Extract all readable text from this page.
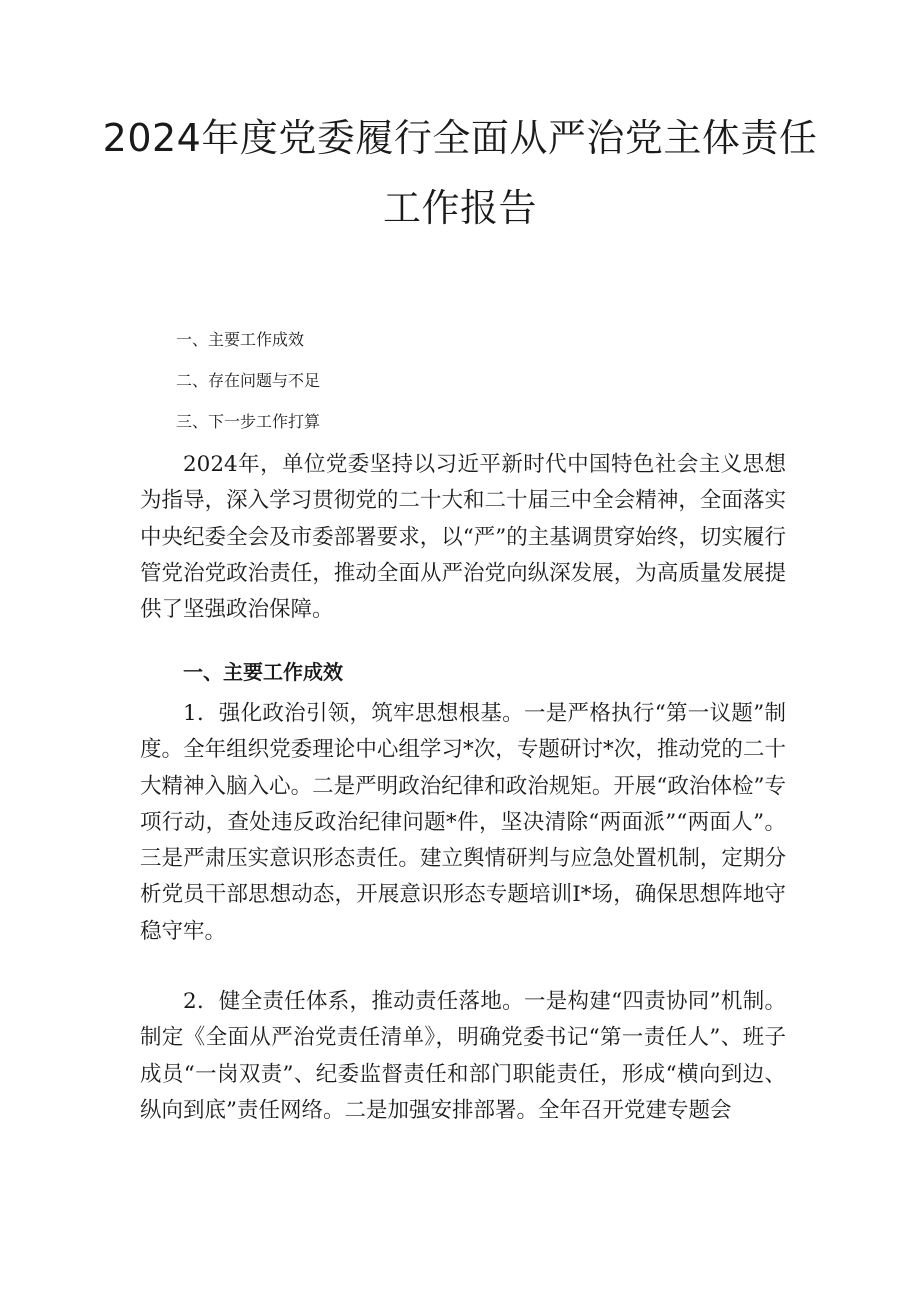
2024年度党委履行全面从严治党主体责任
工作报告
一、主要工作成效
二、存在问题与不足
三、下一步工作打算

2024年，单位党委坚持以习近平新时代中国特色社会主义思想为指导，深入学习贯彻党的二十大和二十届三中全会精神，全面落实中央纪委全会及市委部署要求，以“严”的主基调贯穿始终，切实履行管党治党政治责任，推动全面从严治党向纵深发展，为高质量发展提供了坚强政治保障。

一、主要工作成效

1．强化政治引领，筑牢思想根基。一是严格执行“第一议题”制度。全年组织党委理论中心组学习*次，专题研讨*次，推动党的二十大精神入脑入心。二是严明政治纪律和政治规矩。开展“政治体检”专项行动，查处违反政治纪律问题*件，坚决清除“两面派”“两面人”。三是严肃压实意识形态责任。建立舆情研判与应急处置机制，定期分析党员干部思想动态，开展意识形态专题培训I*场，确保思想阵地守稳守牢。

2．健全责任体系，推动责任落地。一是构建“四责协同”机制。制定《全面从严治党责任清单》，明确党委书记“第一责任人”、班子成员“一岗双责”、纪委监督责任和部门职能责任，形成“横向到边、纵向到底”责任网络。二是加强安排部署。全年召开党建专题会
